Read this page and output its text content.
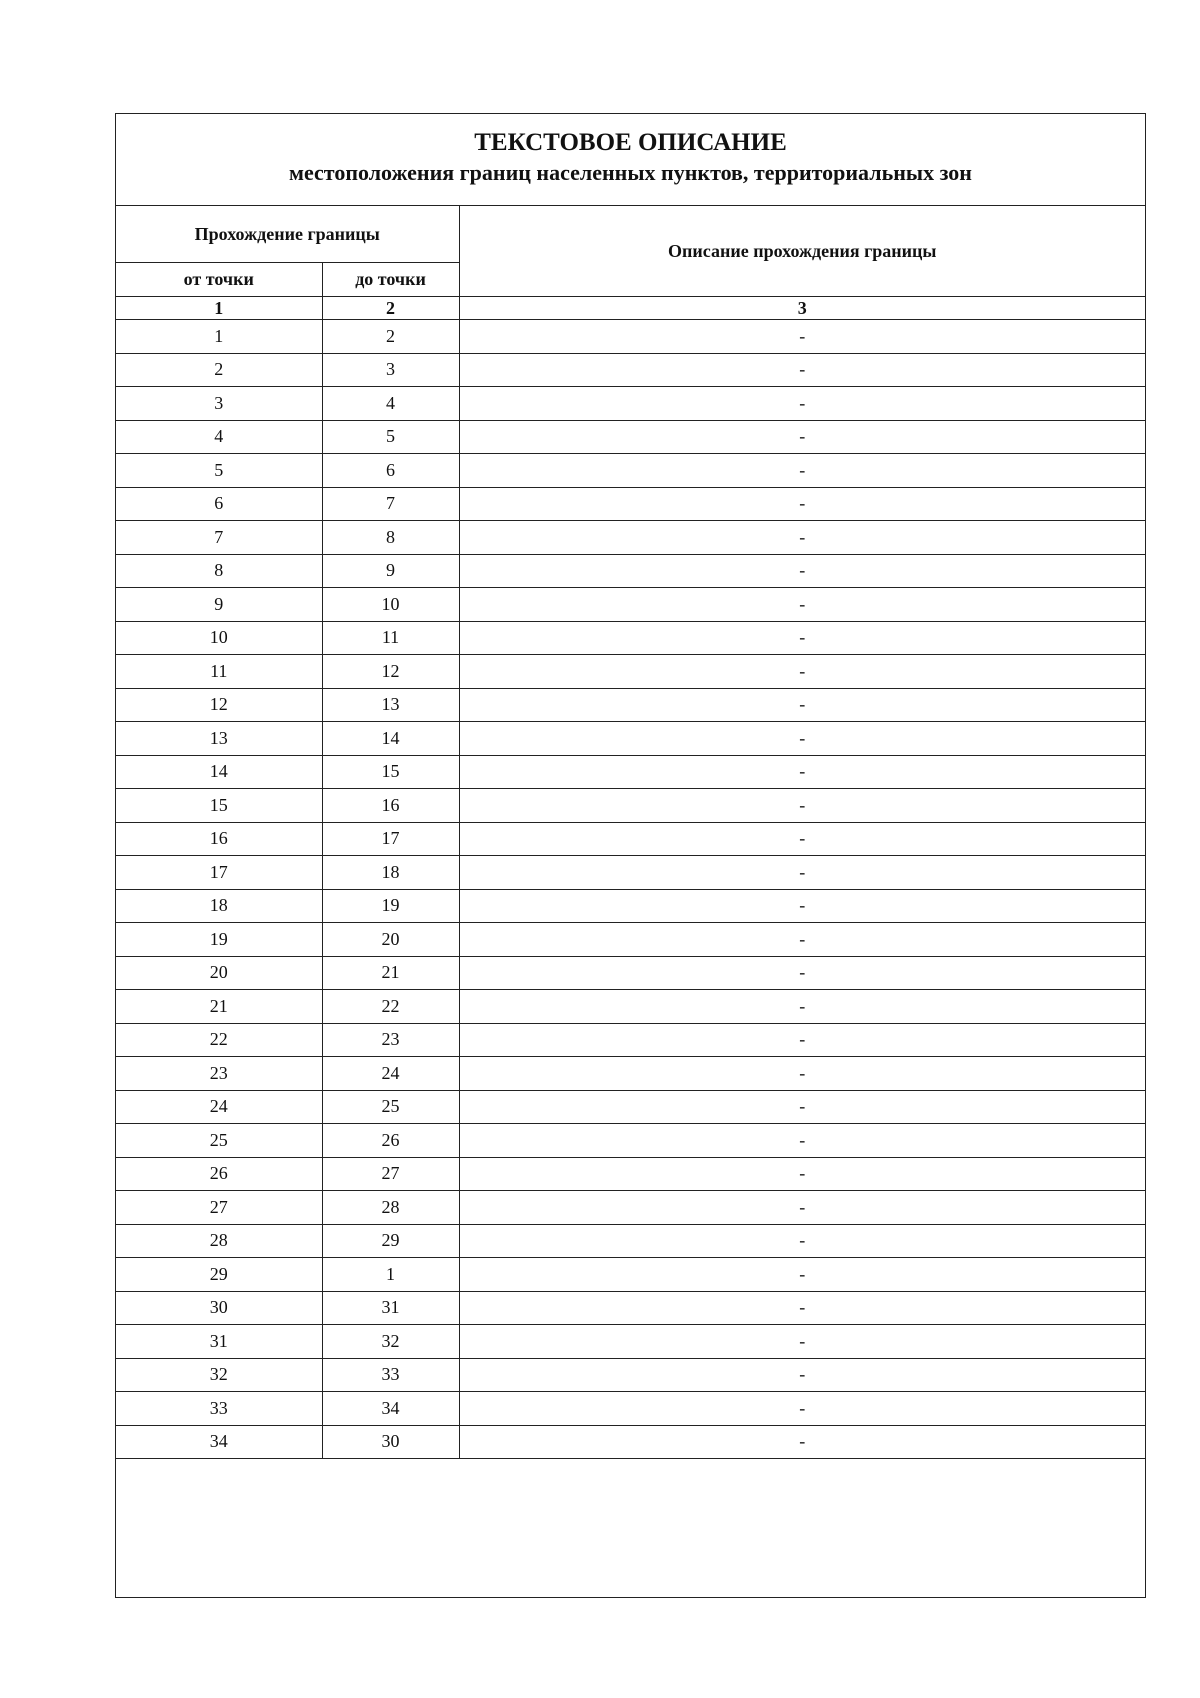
ТЕКСТОВОЕ ОПИСАНИЕ
местоположения границ населенных пунктов, территориальных зон
Прохождение границы		Описание прохождения границы
от точки	до точки	
1	2	3
1	2	-
2	3	-
3	4	-
4	5	-
5	6	-
6	7	-
7	8	-
8	9	-
9	10	-
10	11	-
11	12	-
12	13	-
13	14	-
14	15	-
15	16	-
16	17	-
17	18	-
18	19	-
19	20	-
20	21	-
21	22	-
22	23	-
23	24	-
24	25	-
25	26	-
26	27	-
27	28	-
28	29	-
29	1	-
30	31	-
31	32	-
32	33	-
33	34	-
34	30	-
